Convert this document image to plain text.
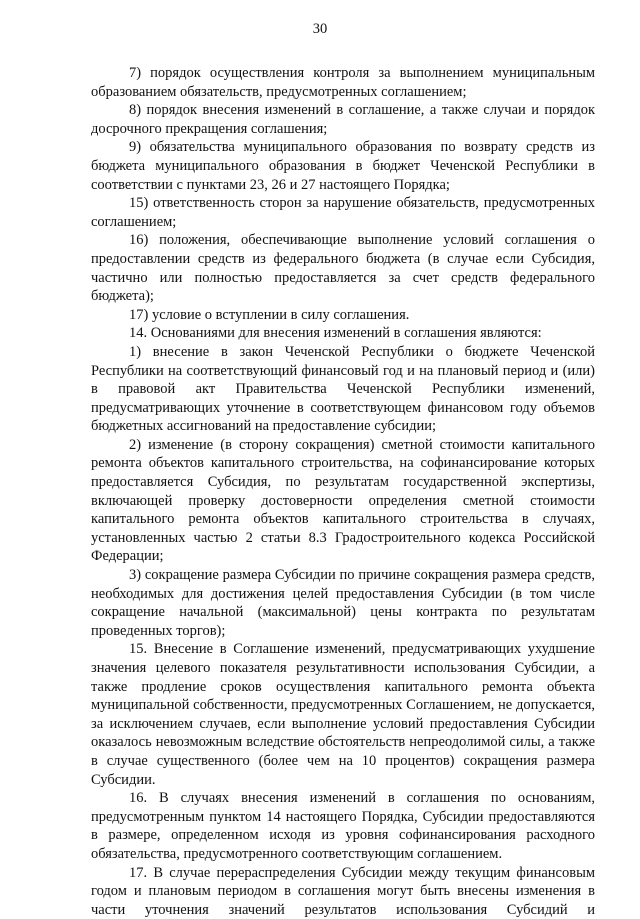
30

7) порядок осуществления контроля за выполнением муниципальным образованием обязательств, предусмотренных соглашением;

8) порядок внесения изменений в соглашение, а также случаи и порядок досрочного прекращения соглашения;

9) обязательства муниципального образования по возврату средств из бюджета муниципального образования в бюджет Чеченской Республики в соответствии с пунктами 23, 26 и 27 настоящего Порядка;

15) ответственность сторон за нарушение обязательств, предусмотренных соглашением;

16) положения, обеспечивающие выполнение условий соглашения о предоставлении средств из федерального бюджета (в случае если Субсидия, частично или полностью предоставляется за счет средств федерального бюджета);

17) условие о вступлении в силу соглашения.

14. Основаниями для внесения изменений в соглашения являются:

1) внесение в закон Чеченской Республики о бюджете Чеченской Республики на соответствующий финансовый год и на плановый период и (или) в правовой акт Правительства Чеченской Республики изменений, предусматривающих уточнение в соответствующем финансовом году объемов бюджетных ассигнований на предоставление субсидии;

2) изменение (в сторону сокращения) сметной стоимости капитального ремонта объектов капитального строительства, на софинансирование которых предоставляется Субсидия, по результатам государственной экспертизы, включающей проверку достоверности определения сметной стоимости капитального ремонта объектов капитального строительства в случаях, установленных частью 2 статьи 8.3 Градостроительного кодекса Российской Федерации;

3) сокращение размера Субсидии по причине сокращения размера средств, необходимых для достижения целей предоставления Субсидии (в том числе сокращение начальной (максимальной) цены контракта по результатам проведенных торгов);

15. Внесение в Соглашение изменений, предусматривающих ухудшение значения целевого показателя результативности использования Субсидии, а также продление сроков осуществления капитального ремонта объекта муниципальной собственности, предусмотренных Соглашением, не допускается, за исключением случаев, если выполнение условий предоставления Субсидии оказалось невозможным вследствие обстоятельств непреодолимой силы, а также в случае существенного (более чем на 10 процентов) сокращения размера Субсидии.

16. В случаях внесения изменений в соглашения по основаниям, предусмотренным пунктом 14 настоящего Порядка, Субсидии предоставляются в размере, определенном исходя из уровня софинансирования расходного обязательства, предусмотренного соответствующим соглашением.

17. В случае перераспределения Субсидии между текущим финансовым годом и плановым периодом в соглашения могут быть внесены изменения в части уточнения значений результатов использования Субсидий и
